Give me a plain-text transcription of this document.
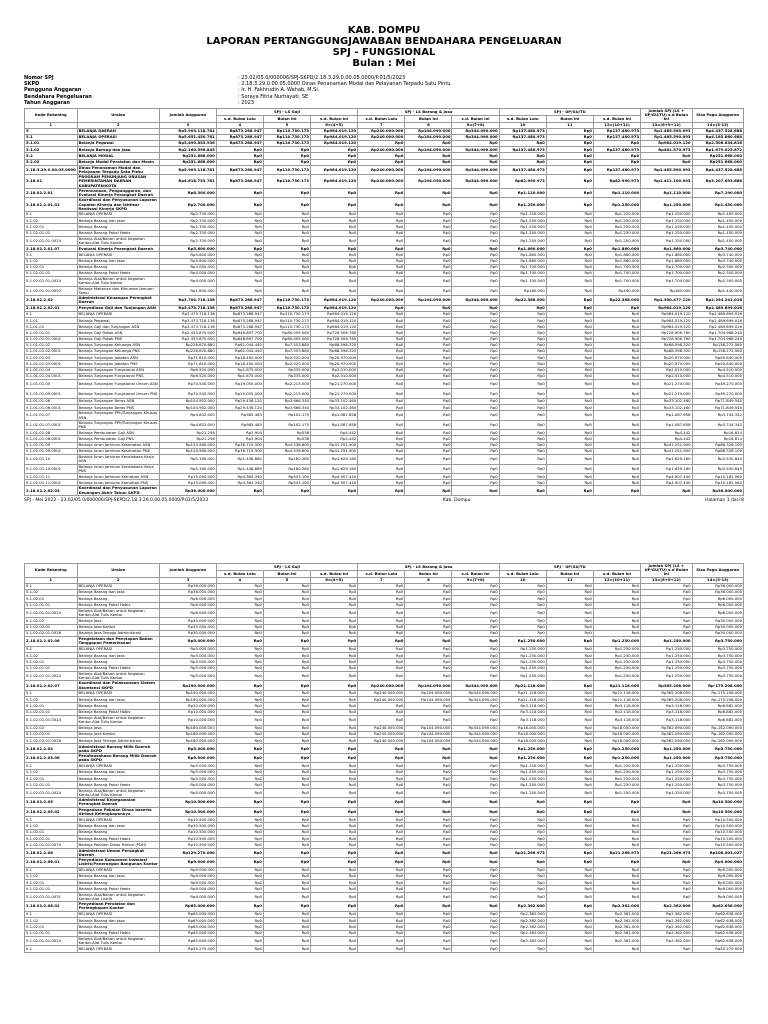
KAB. DOMPU
LAPORAN PERTANGGUNGJAWABAN BENDAHARA PENGELUARAN
SPJ - FUNGSIONAL
Bulan : Mei
Nomor SPJ	: 23.02/05.0/000006/SPJ-SKPD/2.18.3.29.0.00.05.0000/P.01/5/2023
SKPD	: 2.18.3.29.0.00.05.0000 Dinas Penanaman Modal dan Pelayanan Terpadu Satu Pintu
Pengguna Anggaran	: Ir. H. Fakhrudin A. Wahab, M.Si.
Bendahara Pengeluaran	: Soraya Fitria Nurhayati, SE
Tahun Anggaran	: 2023
Kode Rekening	Uraian	Jumlah Anggaran	SPJ - LS Gaji			SPJ - LS Barang & Jasa			SPJ - UP/GU/TU			Jumlah SPJ (LS + UP/GU/TU) s.d Bulan Ini	Sisa Pagu Anggaran
			s.d. Bulan Lalu	Bulan Ini	s.d. Bulan Ini	s.d. Bulan Lalu	Bulan Ini	s.d. Bulan Ini	s.d. Bulan Lalu	Bulan Ini	s.d. Bulan Ini		
1	2	3	4	5	6=(4+5)	7	8	9=(7+8)	10	11	12=(10+11)	13=(6+9+12)	14=(3-13)
5	BELANJA DAERAH	Rp5.903.118.781	Rp873.288.947	Rp110.730.173	Rp984.019.120	Rp240.000.000	Rp104.090.000	Rp344.090.000	Rp137.480.973	Rp0	Rp137.480.973	Rp1.465.590.093	Rp4.437.528.688
5.1	BELANJA OPERASI	Rp5.651.450.781	Rp873.288.947	Rp110.730.173	Rp984.019.120	Rp240.000.000	Rp104.090.000	Rp344.090.000	Rp137.480.973	Rp0	Rp137.480.973	Rp1.465.590.093	Rp4.185.860.688
5.1.01	Belanja Pegawai	Rp3.490.853.936	Rp873.288.947	Rp110.730.173	Rp984.019.120	Rp0	Rp0	Rp0	Rp0	Rp0	Rp0	Rp984.019.120	Rp2.506.834.816
5.1.02	Belanja Barang dan Jasa	Rp2.160.596.845	Rp0	Rp0	Rp0	Rp240.000.000	Rp104.090.000	Rp344.090.000	Rp137.480.973	Rp0	Rp137.480.973	Rp481.570.973	Rp1.679.025.872
5.2	BELANJA MODAL	Rp251.668.000	Rp0	Rp0	Rp0	Rp0	Rp0	Rp0	Rp0	Rp0	Rp0	Rp0	Rp251.668.000
5.2.02	Belanja Modal Peralatan dan Mesin	Rp251.668.000	Rp0	Rp0	Rp0	Rp0	Rp0	Rp0	Rp0	Rp0	Rp0	Rp0	Rp251.668.000
2.18.3.29.0.00.05.0000	Dinas Penanaman Modal dan Pelayanan Terpadu Satu Pintu	Rp5.903.118.781	Rp873.288.947	Rp110.730.173	Rp984.019.120	Rp240.000.000	Rp104.090.000	Rp344.090.000	Rp137.480.973	Rp0	Rp137.480.973	Rp1.465.590.093	Rp4.437.528.688
2.18.01	PROGRAM PENUNJANG URUSAN PEMERINTAHAN DAERAH KABUPATEN/KOTA	Rp4.618.753.781	Rp873.288.947	Rp110.730.173	Rp984.019.120	Rp240.000.000	Rp104.090.000	Rp344.090.000	Rp82.990.973	Rp0	Rp82.990.973	Rp1.411.100.093	Rp3.207.653.688
2.18.01.2.01	Perencanaan, Penganggaran, dan Evaluasi Kinerja Perangkat Daerah	Rp8.300.000	Rp0	Rp0	Rp0	Rp0	Rp0	Rp0	Rp1.110.000	Rp0	Rp1.110.000	Rp1.110.000	Rp7.190.000
2.18.01.2.01.01	Koordinasi dan Penyusunan Laporan Capaian Kinerja dan Ikhtisar Realisasi Kinerja SKPD	Rp2.700.000	Rp0	Rp0	Rp0	Rp0	Rp0	Rp0	Rp1.250.000	Rp0	Rp1.250.000	Rp1.250.000	Rp1.450.000
5.1	BELANJA OPERASI	Rp2.700.000	Rp0	Rp0	Rp0	Rp0	Rp0	Rp0	Rp1.250.000	Rp0	Rp1.250.000	Rp1.250.000	Rp1.450.000
5.1.02	Belanja Barang dan Jasa	Rp2.700.000	Rp0	Rp0	Rp0	Rp0	Rp0	Rp0	Rp1.250.000	Rp0	Rp1.250.000	Rp1.250.000	Rp1.450.000
5.1.02.01	Belanja Barang	Rp2.700.000	Rp0	Rp0	Rp0	Rp0	Rp0	Rp0	Rp1.250.000	Rp0	Rp1.250.000	Rp1.250.000	Rp1.450.000
5.1.02.01.01	Belanja Barang Pakai Habis	Rp2.700.000	Rp0	Rp0	Rp0	Rp0	Rp0	Rp0	Rp1.250.000	Rp0	Rp1.250.000	Rp1.250.000	Rp1.450.000
5.1.02.01.01.0024	Belanja Alat/Bahan untuk Kegiatan Kantor-Alat Tulis Kantor	Rp2.700.000	Rp0	Rp0	Rp0	Rp0	Rp0	Rp0	Rp1.250.000	Rp0	Rp1.250.000	Rp1.250.000	Rp1.450.000
2.18.01.2.01.07	Evaluasi Kinerja Perangkat Daerah	Rp5.600.000	Rp0	Rp0	Rp0	Rp0	Rp0	Rp0	Rp1.860.000	Rp0	Rp1.860.000	Rp1.860.000	Rp3.740.000
5.1	BELANJA OPERASI	Rp5.600.000	Rp0	Rp0	Rp0	Rp0	Rp0	Rp0	Rp1.860.000	Rp0	Rp1.860.000	Rp1.860.000	Rp3.740.000
5.1.02	Belanja Barang dan Jasa	Rp5.600.000	Rp0	Rp0	Rp0	Rp0	Rp0	Rp0	Rp1.860.000	Rp0	Rp1.860.000	Rp1.860.000	Rp3.740.000
5.1.02.01	Belanja Barang	Rp4.000.000	Rp0	Rp0	Rp0	Rp0	Rp0	Rp0	Rp1.700.000	Rp0	Rp1.700.000	Rp1.700.000	Rp2.300.000
5.1.02.01.01	Belanja Barang Pakai Habis	Rp4.000.000	Rp0	Rp0	Rp0	Rp0	Rp0	Rp0	Rp1.700.000	Rp0	Rp1.700.000	Rp1.700.000	Rp2.300.000
5.1.02.01.01.0024	Belanja Alat/Bahan untuk Kegiatan Kantor-Alat Tulis Kantor	Rp4.000.000	Rp0	Rp0	Rp0	Rp0	Rp0	Rp0	Rp1.700.000	Rp0	Rp1.700.000	Rp1.700.000	Rp2.300.000
5.1.02.01.01.0052	Belanja Makanan dan Minuman Jamuan Tamu	Rp1.600.000	Rp0	Rp0	Rp0	Rp0	Rp0	Rp0	Rp160.000	Rp0	Rp160.000	Rp160.000	Rp1.440.000
2.18.01.2.02	Administrasi Keuangan Perangkat Daerah	Rp3.704.718.136	Rp873.288.947	Rp110.730.173	Rp984.019.120	Rp240.000.000	Rp104.090.000	Rp344.090.000	Rp22.368.000	Rp0	Rp22.368.000	Rp1.350.477.120	Rp2.354.241.016
2.18.01.2.02.01	Penyediaan Gaji dan Tunjangan ASN	Rp3.473.718.136	Rp873.288.947	Rp110.730.173	Rp984.019.120	Rp0	Rp0	Rp0	Rp0	Rp0	Rp0	Rp984.019.120	Rp2.489.699.016
5.1	BELANJA OPERASI	Rp3.473.718.136	Rp873.288.947	Rp110.730.173	Rp984.019.120	Rp0	Rp0	Rp0	Rp0	Rp0	Rp0	Rp984.019.120	Rp2.489.699.016
5.1.01	Belanja Pegawai	Rp3.473.718.136	Rp873.288.947	Rp110.730.173	Rp984.019.120	Rp0	Rp0	Rp0	Rp0	Rp0	Rp0	Rp984.019.120	Rp2.489.699.016
5.1.01.01	Belanja Gaji dan Tunjangan ASN	Rp3.473.718.136	Rp873.288.947	Rp110.730.173	Rp984.019.120	Rp0	Rp0	Rp0	Rp0	Rp0	Rp0	Rp984.019.120	Rp2.489.699.016
5.1.01.01.01	Belanja Gaji Pokok ASN	Rp2.433.875.000	Rp648.897.700	Rp80.009.060	Rp728.906.760	Rp0	Rp0	Rp0	Rp0	Rp0	Rp0	Rp728.906.760	Rp1.704.968.240
5.1.01.01.01.0001	Belanja Gaji Pokok PNS	Rp2.433.875.000	Rp648.897.700	Rp80.009.060	Rp728.906.760	Rp0	Rp0	Rp0	Rp0	Rp0	Rp0	Rp728.906.760	Rp1.704.968.240
5.1.01.01.02	Belanja Tunjangan Keluarga ASN	Rp226.870.880	Rp61.044.440	Rp7.553.880	Rp68.598.320	Rp0	Rp0	Rp0	Rp0	Rp0	Rp0	Rp68.598.320	Rp158.272.560
5.1.01.01.02.0001	Belanja Tunjangan Keluarga PNS	Rp226.870.880	Rp61.044.440	Rp7.553.880	Rp68.598.320	Rp0	Rp0	Rp0	Rp0	Rp0	Rp0	Rp68.598.320	Rp158.272.560
5.1.01.01.03	Belanja Tunjangan Jabatan ASN	Rp71.610.000	Rp18.450.000	Rp2.520.000	Rp20.970.000	Rp0	Rp0	Rp0	Rp0	Rp0	Rp0	Rp20.970.000	Rp50.640.000
5.1.01.01.03.0001	Belanja Tunjangan Jabatan PNS	Rp71.610.000	Rp18.450.000	Rp2.520.000	Rp20.970.000	Rp0	Rp0	Rp0	Rp0	Rp0	Rp0	Rp20.970.000	Rp50.640.000
5.1.01.01.04	Belanja Tunjangan Fungsional ASN	Rp6.520.000	Rp1.675.000	Rp335.000	Rp2.010.000	Rp0	Rp0	Rp0	Rp0	Rp0	Rp0	Rp2.010.000	Rp4.510.000
5.1.01.01.04.0001	Belanja Tunjangan Fungsional PNS	Rp6.520.000	Rp1.675.000	Rp335.000	Rp2.010.000	Rp0	Rp0	Rp0	Rp0	Rp0	Rp0	Rp2.010.000	Rp4.510.000
5.1.01.01.05	Belanja Tunjangan Fungsional Umum ASN	Rp70.540.000	Rp19.055.000	Rp2.215.000	Rp21.270.000	Rp0	Rp0	Rp0	Rp0	Rp0	Rp0	Rp21.270.000	Rp49.270.000
5.1.01.01.05.0001	Belanja Tunjangan Fungsional Umum PNS	Rp70.540.000	Rp19.055.000	Rp2.215.000	Rp21.270.000	Rp0	Rp0	Rp0	Rp0	Rp0	Rp0	Rp21.270.000	Rp49.270.000
5.1.01.01.06	Belanja Tunjangan Beras ASN	Rp104.952.000	Rp29.436.120	Rp3.666.340	Rp33.102.460	Rp0	Rp0	Rp0	Rp0	Rp0	Rp0	Rp33.102.460	Rp71.849.540
5.1.01.01.06.0001	Belanja Tunjangan Beras PNS	Rp104.952.000	Rp29.436.120	Rp3.666.340	Rp33.102.460	Rp0	Rp0	Rp0	Rp0	Rp0	Rp0	Rp33.102.460	Rp71.849.540
5.1.01.01.07	Belanja Tunjangan PPh/Tunjangan Khusus ASN	Rp4.832.000	Rp985.483	Rp102.175	Rp1.087.658	Rp0	Rp0	Rp0	Rp0	Rp0	Rp0	Rp1.087.658	Rp3.744.342
5.1.01.01.07.0001	Belanja Tunjangan PPh/Tunjangan Khusus PNS	Rp4.832.000	Rp985.483	Rp102.175	Rp1.087.658	Rp0	Rp0	Rp0	Rp0	Rp0	Rp0	Rp1.087.658	Rp3.744.342
5.1.01.01.08	Belanja Pembulatan Gaji ASN	Rp21.256	Rp3.904	Rp538	Rp4.442	Rp0	Rp0	Rp0	Rp0	Rp0	Rp0	Rp4.442	Rp16.814
5.1.01.01.08.0001	Belanja Pembulatan Gaji PNS	Rp21.256	Rp3.904	Rp538	Rp4.442	Rp0	Rp0	Rp0	Rp0	Rp0	Rp0	Rp4.442	Rp16.814
5.1.01.01.09	Belanja Iuran Jaminan Kesehatan ASN	Rp129.580.000	Rp36.715.300	Rp4.536.600	Rp41.251.900	Rp0	Rp0	Rp0	Rp0	Rp0	Rp0	Rp41.251.900	Rp88.328.100
5.1.01.01.09.0001	Belanja Iuran Jaminan Kesehatan PNS	Rp129.580.000	Rp36.715.300	Rp4.536.600	Rp41.251.900	Rp0	Rp0	Rp0	Rp0	Rp0	Rp0	Rp41.251.900	Rp88.328.100
5.1.01.01.10	Belanja Iuran Jaminan Kecelakaan Kerja ASN	Rp5.160.000	Rp1.448.880	Rp180.280	Rp1.629.160	Rp0	Rp0	Rp0	Rp0	Rp0	Rp0	Rp1.629.160	Rp3.530.840
5.1.01.01.10.0001	Belanja Iuran Jaminan Kecelakaan Kerja PNS	Rp5.160.000	Rp1.448.880	Rp180.280	Rp1.629.160	Rp0	Rp0	Rp0	Rp0	Rp0	Rp0	Rp1.629.160	Rp3.530.840
5.1.01.01.11	Belanja Iuran Jaminan Kematian ASN	Rp15.090.000	Rp4.364.340	Rp543.100	Rp4.907.440	Rp0	Rp0	Rp0	Rp0	Rp0	Rp0	Rp4.907.440	Rp10.182.560
5.1.01.01.11.0001	Belanja Iuran Jaminan Kematian PNS	Rp15.090.000	Rp4.364.340	Rp543.100	Rp4.907.440	Rp0	Rp0	Rp0	Rp0	Rp0	Rp0	Rp4.907.440	Rp10.182.560
2.18.01.2.02.05	Koordinasi dan Penyusunan Laporan Keuangan Akhir Tahun SKPD	Rp36.000.000	Rp0	Rp0	Rp0	Rp0	Rp0	Rp0	Rp0	Rp0	Rp0	Rp0	Rp36.000.000
SPJ - Mei 2023 - 23.02/05.0/000006/SPJ-SKPD/2.18.3.29.0.00.05.0000/P.01/5/2023	Kab. Dompu	Halaman 1 dari 8
Kode Rekening	Uraian	Jumlah Anggaran	SPJ - LS Gaji			SPJ - LS Barang & Jasa			SPJ - UP/GU/TU			Jumlah SPJ (LS + UP/GU/TU) s.d Bulan Ini	Sisa Pagu Anggaran
			s.d. Bulan Lalu	Bulan Ini	s.d. Bulan Ini	s.d. Bulan Lalu	Bulan Ini	s.d. Bulan Ini	s.d. Bulan Lalu	Bulan Ini	s.d. Bulan Ini		
1	2	3	4	5	6=(4+5)	7	8	9=(7+8)	10	11	12=(10+11)	13=(6+9+12)	14=(3-13)
5.1	BELANJA OPERASI	Rp36.000.000	Rp0	Rp0	Rp0	Rp0	Rp0	Rp0	Rp0	Rp0	Rp0	Rp0	Rp36.000.000
5.1.02	Belanja Barang dan Jasa	Rp36.000.000	Rp0	Rp0	Rp0	Rp0	Rp0	Rp0	Rp0	Rp0	Rp0	Rp0	Rp36.000.000
5.1.02.01	Belanja Barang	Rp6.000.000	Rp0	Rp0	Rp0	Rp0	Rp0	Rp0	Rp0	Rp0	Rp0	Rp0	Rp6.000.000
5.1.02.01.01	Belanja Barang Pakai Habis	Rp6.000.000	Rp0	Rp0	Rp0	Rp0	Rp0	Rp0	Rp0	Rp0	Rp0	Rp0	Rp6.000.000
5.1.02.01.01.0024	Belanja Alat/Bahan untuk Kegiatan Kantor-Alat Tulis Kantor	Rp6.000.000	Rp0	Rp0	Rp0	Rp0	Rp0	Rp0	Rp0	Rp0	Rp0	Rp0	Rp6.000.000
5.1.02.02	Belanja Jasa	Rp30.000.000	Rp0	Rp0	Rp0	Rp0	Rp0	Rp0	Rp0	Rp0	Rp0	Rp0	Rp30.000.000
5.1.02.02.01	Belanja Jasa Kantor	Rp30.000.000	Rp0	Rp0	Rp0	Rp0	Rp0	Rp0	Rp0	Rp0	Rp0	Rp0	Rp30.000.000
5.1.02.02.01.0026	Belanja Jasa Tenaga Administrasi	Rp30.000.000	Rp0	Rp0	Rp0	Rp0	Rp0	Rp0	Rp0	Rp0	Rp0	Rp0	Rp30.000.000
2.18.01.2.02.06	Pengelolaan dan Penyiapan Bahan Tanggapan Pemeriksaan	Rp5.000.000	Rp0	Rp0	Rp0	Rp0	Rp0	Rp0	Rp1.250.000	Rp0	Rp1.250.000	Rp1.250.000	Rp3.750.000
5.1	BELANJA OPERASI	Rp5.000.000	Rp0	Rp0	Rp0	Rp0	Rp0	Rp0	Rp1.250.000	Rp0	Rp1.250.000	Rp1.250.000	Rp3.750.000
5.1.02	Belanja Barang dan Jasa	Rp5.000.000	Rp0	Rp0	Rp0	Rp0	Rp0	Rp0	Rp1.250.000	Rp0	Rp1.250.000	Rp1.250.000	Rp3.750.000
5.1.02.01	Belanja Barang	Rp5.000.000	Rp0	Rp0	Rp0	Rp0	Rp0	Rp0	Rp1.250.000	Rp0	Rp1.250.000	Rp1.250.000	Rp3.750.000
5.1.02.01.01	Belanja Barang Pakai Habis	Rp5.000.000	Rp0	Rp0	Rp0	Rp0	Rp0	Rp0	Rp1.250.000	Rp0	Rp1.250.000	Rp1.250.000	Rp3.750.000
5.1.02.01.01.0024	Belanja Alat/Bahan untuk Kegiatan Kantor-Alat Tulis Kantor	Rp5.000.000	Rp0	Rp0	Rp0	Rp0	Rp0	Rp0	Rp1.250.000	Rp0	Rp1.250.000	Rp1.250.000	Rp3.750.000
2.18.01.2.02.07	Koordinasi dan Pelaksanaan Sistem Akuntansi SKPD	Rp190.000.000	Rp0	Rp0	Rp0	Rp240.000.000	Rp104.090.000	Rp344.090.000	Rp21.118.000	Rp0	Rp21.118.000	Rp365.208.000	Rp-175.208.000
5.1	BELANJA OPERASI	Rp190.000.000	Rp0	Rp0	Rp0	Rp240.000.000	Rp104.090.000	Rp344.090.000	Rp21.118.000	Rp0	Rp21.118.000	Rp365.208.000	Rp-175.208.000
5.1.02	Belanja Barang dan Jasa	Rp190.000.000	Rp0	Rp0	Rp0	Rp240.000.000	Rp104.090.000	Rp344.090.000	Rp21.118.000	Rp0	Rp21.118.000	Rp365.208.000	Rp-175.208.000
5.1.02.01	Belanja Barang	Rp10.000.000	Rp0	Rp0	Rp0	Rp0	Rp0	Rp0	Rp3.118.000	Rp0	Rp3.118.000	Rp3.118.000	Rp6.882.000
5.1.02.01.01	Belanja Barang Pakai Habis	Rp10.000.000	Rp0	Rp0	Rp0	Rp0	Rp0	Rp0	Rp3.118.000	Rp0	Rp3.118.000	Rp3.118.000	Rp6.882.000
5.1.02.01.01.0024	Belanja Alat/Bahan untuk Kegiatan Kantor-Alat Tulis Kantor	Rp10.000.000	Rp0	Rp0	Rp0	Rp0	Rp0	Rp0	Rp3.118.000	Rp0	Rp3.118.000	Rp3.118.000	Rp6.882.000
5.1.02.02	Belanja Jasa	Rp180.000.000	Rp0	Rp0	Rp0	Rp240.000.000	Rp104.090.000	Rp344.090.000	Rp18.000.000	Rp0	Rp18.000.000	Rp362.090.000	Rp-182.090.000
5.1.02.02.01	Belanja Jasa Kantor	Rp180.000.000	Rp0	Rp0	Rp0	Rp240.000.000	Rp104.090.000	Rp344.090.000	Rp18.000.000	Rp0	Rp18.000.000	Rp362.090.000	Rp-182.090.000
5.1.02.02.01.0026	Belanja Jasa Tenaga Administrasi	Rp180.000.000	Rp0	Rp0	Rp0	Rp240.000.000	Rp104.090.000	Rp344.090.000	Rp18.000.000	Rp0	Rp18.000.000	Rp362.090.000	Rp-182.090.000
2.18.01.2.03	Administrasi Barang Milik Daerah pada SKPD	Rp5.000.000	Rp0	Rp0	Rp0	Rp0	Rp0	Rp0	Rp1.250.000	Rp0	Rp1.250.000	Rp1.250.000	Rp3.750.000
2.18.01.2.03.06	Penatausahaan Barang Milik Daerah pada SKPD	Rp5.000.000	Rp0	Rp0	Rp0	Rp0	Rp0	Rp0	Rp1.250.000	Rp0	Rp1.250.000	Rp1.250.000	Rp3.750.000
5.1	BELANJA OPERASI	Rp5.000.000	Rp0	Rp0	Rp0	Rp0	Rp0	Rp0	Rp1.250.000	Rp0	Rp1.250.000	Rp1.250.000	Rp3.750.000
5.1.02	Belanja Barang dan Jasa	Rp5.000.000	Rp0	Rp0	Rp0	Rp0	Rp0	Rp0	Rp1.250.000	Rp0	Rp1.250.000	Rp1.250.000	Rp3.750.000
5.1.02.01	Belanja Barang	Rp5.000.000	Rp0	Rp0	Rp0	Rp0	Rp0	Rp0	Rp1.250.000	Rp0	Rp1.250.000	Rp1.250.000	Rp3.750.000
5.1.02.01.01	Belanja Barang Pakai Habis	Rp5.000.000	Rp0	Rp0	Rp0	Rp0	Rp0	Rp0	Rp1.250.000	Rp0	Rp1.250.000	Rp1.250.000	Rp3.750.000
5.1.02.01.01.0024	Belanja Alat/Bahan untuk Kegiatan Kantor-Alat Tulis Kantor	Rp5.000.000	Rp0	Rp0	Rp0	Rp0	Rp0	Rp0	Rp1.250.000	Rp0	Rp1.250.000	Rp1.250.000	Rp3.750.000
2.18.01.2.05	Administrasi Kepegawaian Perangkat Daerah	Rp10.500.000	Rp0	Rp0	Rp0	Rp0	Rp0	Rp0	Rp0	Rp0	Rp0	Rp0	Rp10.500.000
2.18.01.2.05.02	Pengadaan Pakaian Dinas beserta Atribut Kelengkapannya	Rp10.500.000	Rp0	Rp0	Rp0	Rp0	Rp0	Rp0	Rp0	Rp0	Rp0	Rp0	Rp10.500.000
5.1	BELANJA OPERASI	Rp10.500.000	Rp0	Rp0	Rp0	Rp0	Rp0	Rp0	Rp0	Rp0	Rp0	Rp0	Rp10.500.000
5.1.02	Belanja Barang dan Jasa	Rp10.500.000	Rp0	Rp0	Rp0	Rp0	Rp0	Rp0	Rp0	Rp0	Rp0	Rp0	Rp10.500.000
5.1.02.01	Belanja Barang	Rp10.500.000	Rp0	Rp0	Rp0	Rp0	Rp0	Rp0	Rp0	Rp0	Rp0	Rp0	Rp10.500.000
5.1.02.01.01	Belanja Barang Pakai Habis	Rp10.500.000	Rp0	Rp0	Rp0	Rp0	Rp0	Rp0	Rp0	Rp0	Rp0	Rp0	Rp10.500.000
5.1.02.01.01.0070	Belanja Pakaian Dinas Harian (PDH)	Rp10.500.000	Rp0	Rp0	Rp0	Rp0	Rp0	Rp0	Rp0	Rp0	Rp0	Rp0	Rp10.500.000
2.18.01.2.06	Administrasi Umum Perangkat Daerah	Rp129.270.000	Rp0	Rp0	Rp0	Rp0	Rp0	Rp0	Rp21.266.973	Rp0	Rp21.266.973	Rp21.266.973	Rp108.003.027
2.18.01.2.06.01	Penyediaan Komponen Instalasi Listrik/Penerangan Bangunan Kantor	Rp9.000.000	Rp0	Rp0	Rp0	Rp0	Rp0	Rp0	Rp0	Rp0	Rp0	Rp0	Rp9.000.000
5.1	BELANJA OPERASI	Rp9.000.000	Rp0	Rp0	Rp0	Rp0	Rp0	Rp0	Rp0	Rp0	Rp0	Rp0	Rp9.000.000
5.1.02	Belanja Barang dan Jasa	Rp9.000.000	Rp0	Rp0	Rp0	Rp0	Rp0	Rp0	Rp0	Rp0	Rp0	Rp0	Rp9.000.000
5.1.02.01	Belanja Barang	Rp9.000.000	Rp0	Rp0	Rp0	Rp0	Rp0	Rp0	Rp0	Rp0	Rp0	Rp0	Rp9.000.000
5.1.02.01.01	Belanja Barang Pakai Habis	Rp9.000.000	Rp0	Rp0	Rp0	Rp0	Rp0	Rp0	Rp0	Rp0	Rp0	Rp0	Rp9.000.000
5.1.02.01.01.0031	Belanja Alat/Bahan untuk Kegiatan Kantor-Alat Listrik	Rp9.000.000	Rp0	Rp0	Rp0	Rp0	Rp0	Rp0	Rp0	Rp0	Rp0	Rp0	Rp9.000.000
2.18.01.2.06.02	Penyediaan Peralatan dan Perlengkapan Kantor	Rp65.000.000	Rp0	Rp0	Rp0	Rp0	Rp0	Rp0	Rp2.362.000	Rp0	Rp2.362.000	Rp2.362.000	Rp62.638.000
5.1	BELANJA OPERASI	Rp65.000.000	Rp0	Rp0	Rp0	Rp0	Rp0	Rp0	Rp2.362.000	Rp0	Rp2.362.000	Rp2.362.000	Rp62.638.000
5.1.02	Belanja Barang dan Jasa	Rp65.000.000	Rp0	Rp0	Rp0	Rp0	Rp0	Rp0	Rp2.362.000	Rp0	Rp2.362.000	Rp2.362.000	Rp62.638.000
5.1.02.01	Belanja Barang	Rp65.000.000	Rp0	Rp0	Rp0	Rp0	Rp0	Rp0	Rp2.362.000	Rp0	Rp2.362.000	Rp2.362.000	Rp62.638.000
5.1.02.01.01	Belanja Barang Pakai Habis	Rp65.000.000	Rp0	Rp0	Rp0	Rp0	Rp0	Rp0	Rp2.362.000	Rp0	Rp2.362.000	Rp2.362.000	Rp62.638.000
5.1.02.01.01.0024	Belanja Alat/Bahan untuk Kegiatan Kantor-Alat Tulis Kantor	Rp65.000.000	Rp0	Rp0	Rp0	Rp0	Rp0	Rp0	Rp2.362.000	Rp0	Rp2.362.000	Rp2.362.000	Rp62.638.000
5.1	BELANJA OPERASI	Rp55.270.000	Rp0	Rp0	Rp0	Rp0	Rp0	Rp0	Rp0	Rp0	Rp0	Rp0	Rp55.270.000
